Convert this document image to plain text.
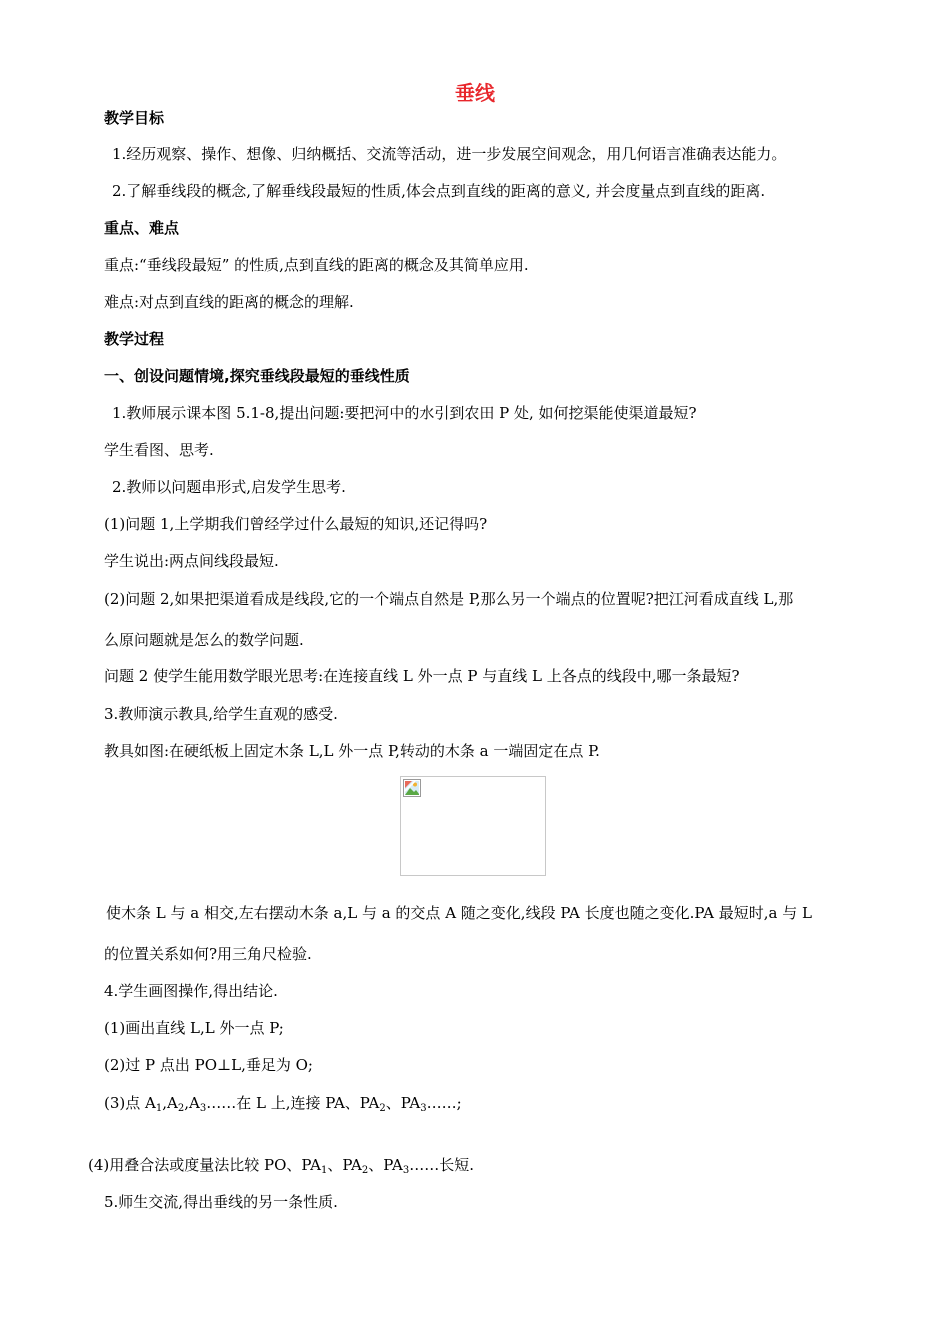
垂线
教学目标
1.经历观察、操作、想像、归纳概括、交流等活动，进一步发展空间观念，用几何语言准确表达能力。
2.了解垂线段的概念,了解垂线段最短的性质,体会点到直线的距离的意义, 并会度量点到直线的距离.
重点、难点
重点:“垂线段最短” 的性质,点到直线的距离的概念及其简单应用.
难点:对点到直线的距离的概念的理解.
教学过程
一、创设问题情境,探究垂线段最短的垂线性质
1.教师展示课本图 5.1-8,提出问题:要把河中的水引到农田 P 处, 如何挖渠能使渠道最短?
学生看图、思考.
2.教师以问题串形式,启发学生思考.
(1)问题 1,上学期我们曾经学过什么最短的知识,还记得吗?
学生说出:两点间线段最短.
(2)问题 2,如果把渠道看成是线段,它的一个端点自然是 P,那么另一个端点的位置呢?把江河看成直线 L,那
么原问题就是怎么的数学问题.
问题 2 使学生能用数学眼光思考:在连接直线 L 外一点 P 与直线 L 上各点的线段中,哪一条最短?
3.教师演示教具,给学生直观的感受.
教具如图:在硬纸板上固定木条 L,L 外一点 P,转动的木条 a 一端固定在点 P.
使木条 L 与 a 相交,左右摆动木条 a,L 与 a 的交点 A 随之变化,线段 PA 长度也随之变化.PA 最短时,a 与 L
的位置关系如何?用三角尺检验.
4.学生画图操作,得出结论.
(1)画出直线 L,L 外一点 P;
(2)过 P 点出 PO⊥L,垂足为 O;
(3)点 $A_1,A_2,A_3\dots\dots$在 L 上,连接 PA、$PA_2$、$PA_3\dots\dots$;
(4)用叠合法或度量法比较 PO、$PA_1$、$PA_2$、$PA_3\dots\dots$长短.
5.师生交流,得出垂线的另一条性质.
